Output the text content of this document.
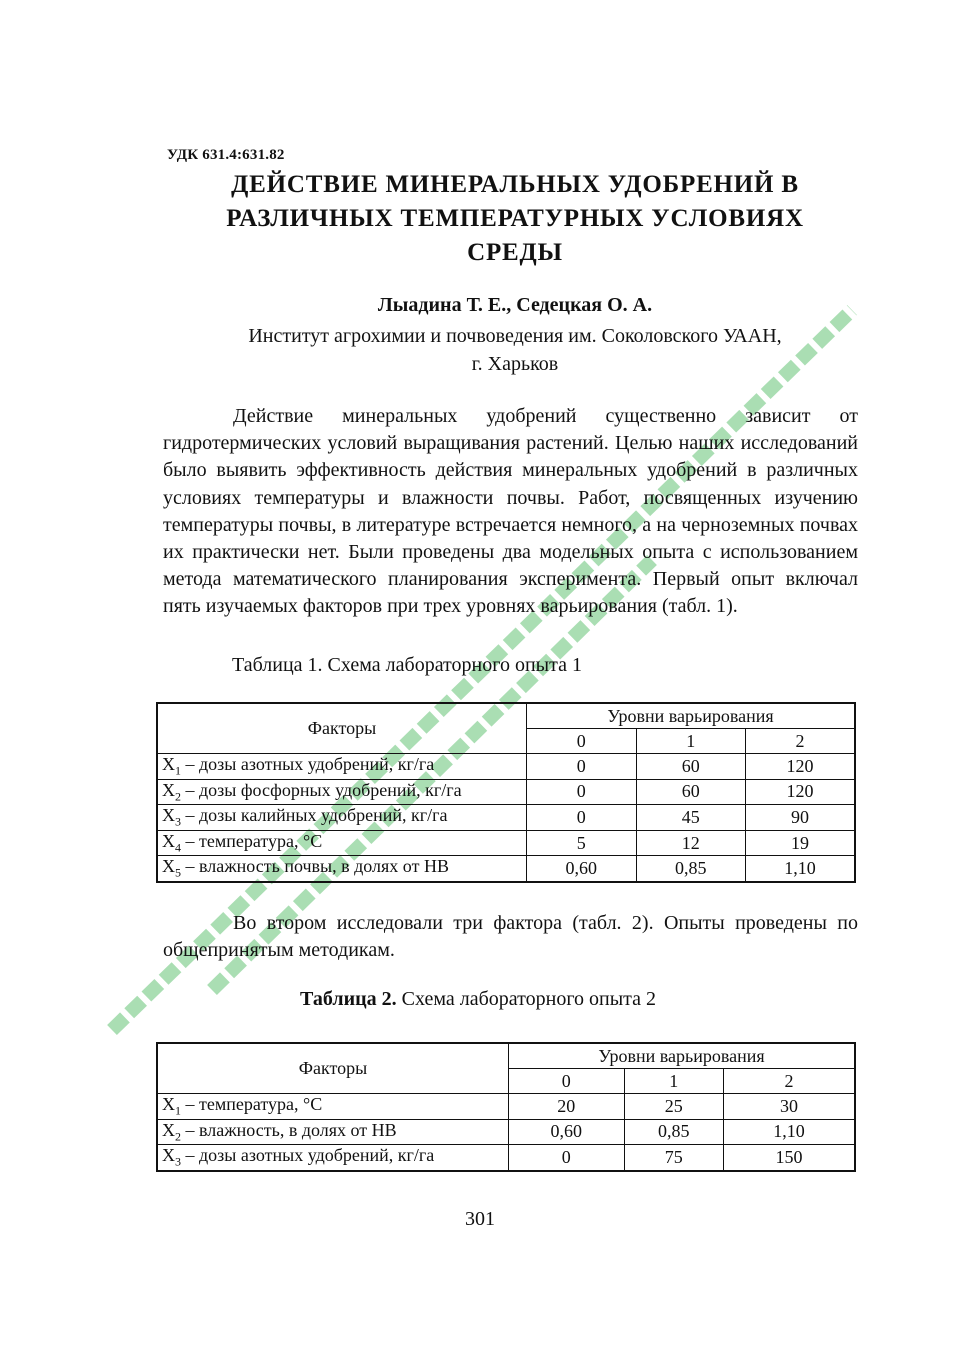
УДК 631.4:631.82
ДЕЙСТВИЕ МИНЕРАЛЬНЫХ УДОБРЕНИЙ В
РАЗЛИЧНЫХ ТЕМПЕРАТУРНЫХ УСЛОВИЯХ
СРЕДЫ
Лыадина Т. Е., Седецкая О. А.
Институт агрохимии и почвоведения им. Соколовского УААН,
г. Харьков

Действие минеральных удобрений существенно зависит от гидротермических условий выращивания растений. Целью наших исследований было выявить эффективность действия минеральных удобрений в различных условиях температуры и влажности почвы. Работ, посвященных изучению температуры почвы, в литературе встречается немного, а на черноземных почвах их практически нет. Были проведены два модельных опыта с использованием метода математического планирования эксперимента. Первый опыт включал пять изучаемых факторов при трех уровнях варьирования (табл. 1).

Таблица 1. Схема лабораторного опыта 1
Факторы	Уровни варьирования		
	0	1	2
$X_1$ – дозы азотных удобрений, кг/га	0	60	120
$X_2$ – дозы фосфорных удобрений, кг/га	0	60	120
$X_3$ – дозы калийных удобрений, кг/га	0	45	90
$X_4$ – температура, °С	5	12	19
$X_5$ – влажность почвы, в долях от НВ	0,60	0,85	1,10

Во втором исследовали три фактора (табл. 2). Опыты проведены по общепринятым методикам.

Таблица 2. Схема лабораторного опыта 2
Факторы	Уровни варьирования		
	0	1	2
$X_1$ – температура, °С	20	25	30
$X_2$ – влажность, в долях от НВ	0,60	0,85	1,10
$X_3$ – дозы азотных удобрений, кг/га	0	75	150
301
